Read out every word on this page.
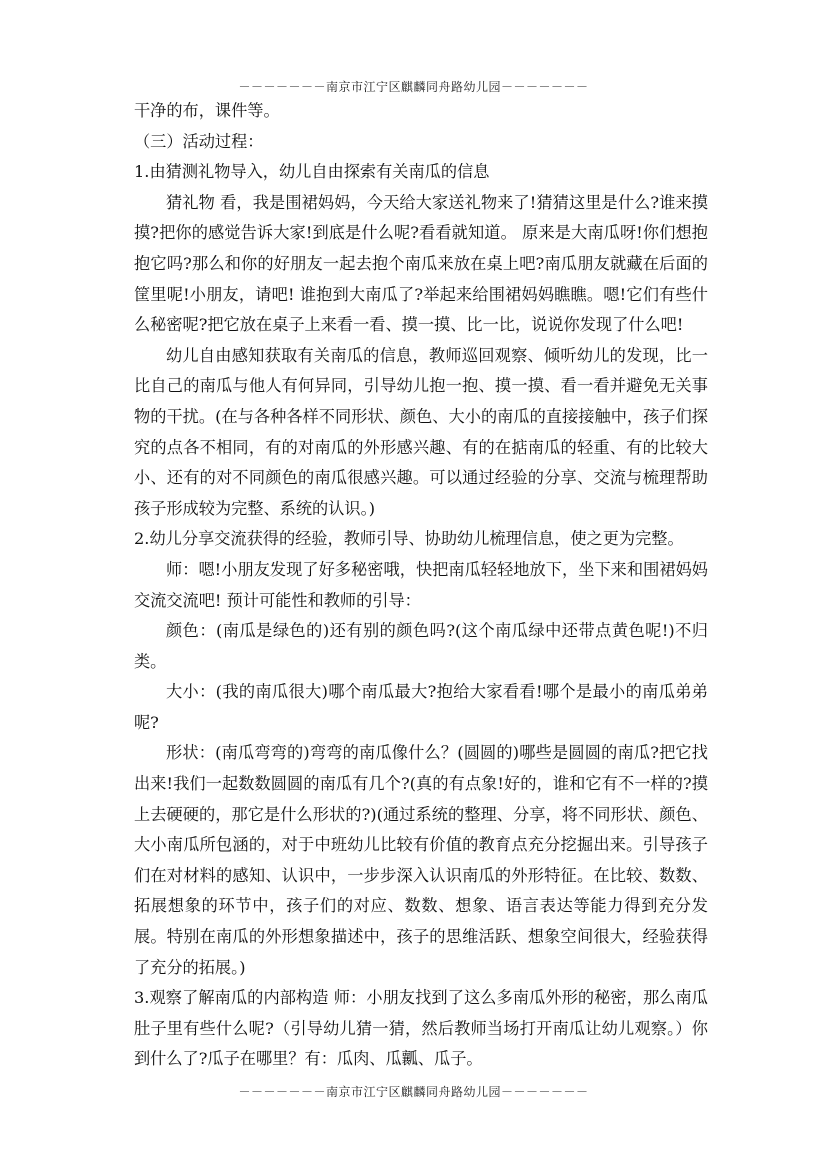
－－－－－－－南京市江宁区麒麟同舟路幼儿园－－－－－－－

干净的布，课件等。

（三）活动过程：

1.由猜测礼物导入，幼儿自由探索有关南瓜的信息

猜礼物 看，我是围裙妈妈，今天给大家送礼物来了!猜猜这里是什么?谁来摸摸?把你的感觉告诉大家!到底是什么呢?看看就知道。 原来是大南瓜呀!你们想抱抱它吗?那么和你的好朋友一起去抱个南瓜来放在桌上吧?南瓜朋友就藏在后面的筐里呢!小朋友，请吧! 谁抱到大南瓜了?举起来给围裙妈妈瞧瞧。嗯!它们有些什么秘密呢?把它放在桌子上来看一看、摸一摸、比一比，说说你发现了什么吧!

幼儿自由感知获取有关南瓜的信息，教师巡回观察、倾听幼儿的发现，比一比自己的南瓜与他人有何异同，引导幼儿抱一抱、摸一摸、看一看并避免无关事物的干扰。(在与各种各样不同形状、颜色、大小的南瓜的直接接触中，孩子们探究的点各不相同，有的对南瓜的外形感兴趣、有的在掂南瓜的轻重、有的比较大小、还有的对不同颜色的南瓜很感兴趣。可以通过经验的分享、交流与梳理帮助孩子形成较为完整、系统的认识。)

2.幼儿分享交流获得的经验，教师引导、协助幼儿梳理信息，使之更为完整。

师：嗯!小朋友发现了好多秘密哦，快把南瓜轻轻地放下，坐下来和围裙妈妈交流交流吧! 预计可能性和教师的引导：

颜色：(南瓜是绿色的)还有别的颜色吗?(这个南瓜绿中还带点黄色呢!)不归类。

大小：(我的南瓜很大)哪个南瓜最大?抱给大家看看!哪个是最小的南瓜弟弟呢?

形状：(南瓜弯弯的)弯弯的南瓜像什么？(圆圆的)哪些是圆圆的南瓜?把它找出来!我们一起数数圆圆的南瓜有几个?(真的有点象!好的，谁和它有不一样的?摸上去硬硬的，那它是什么形状的?)(通过系统的整理、分享，将不同形状、颜色、大小南瓜所包涵的，对于中班幼儿比较有价值的教育点充分挖掘出来。引导孩子们在对材料的感知、认识中，一步步深入认识南瓜的外形特征。在比较、数数、拓展想象的环节中，孩子们的对应、数数、想象、语言表达等能力得到充分发展。特别在南瓜的外形想象描述中，孩子的思维活跃、想象空间很大，经验获得了充分的拓展。)

3.观察了解南瓜的内部构造 师：小朋友找到了这么多南瓜外形的秘密，那么南瓜肚子里有些什么呢?（引导幼儿猜一猜，然后教师当场打开南瓜让幼儿观察。）你到什么了?瓜子在哪里？有：瓜肉、瓜瓤、瓜子。

－－－－－－－南京市江宁区麒麟同舟路幼儿园－－－－－－－
